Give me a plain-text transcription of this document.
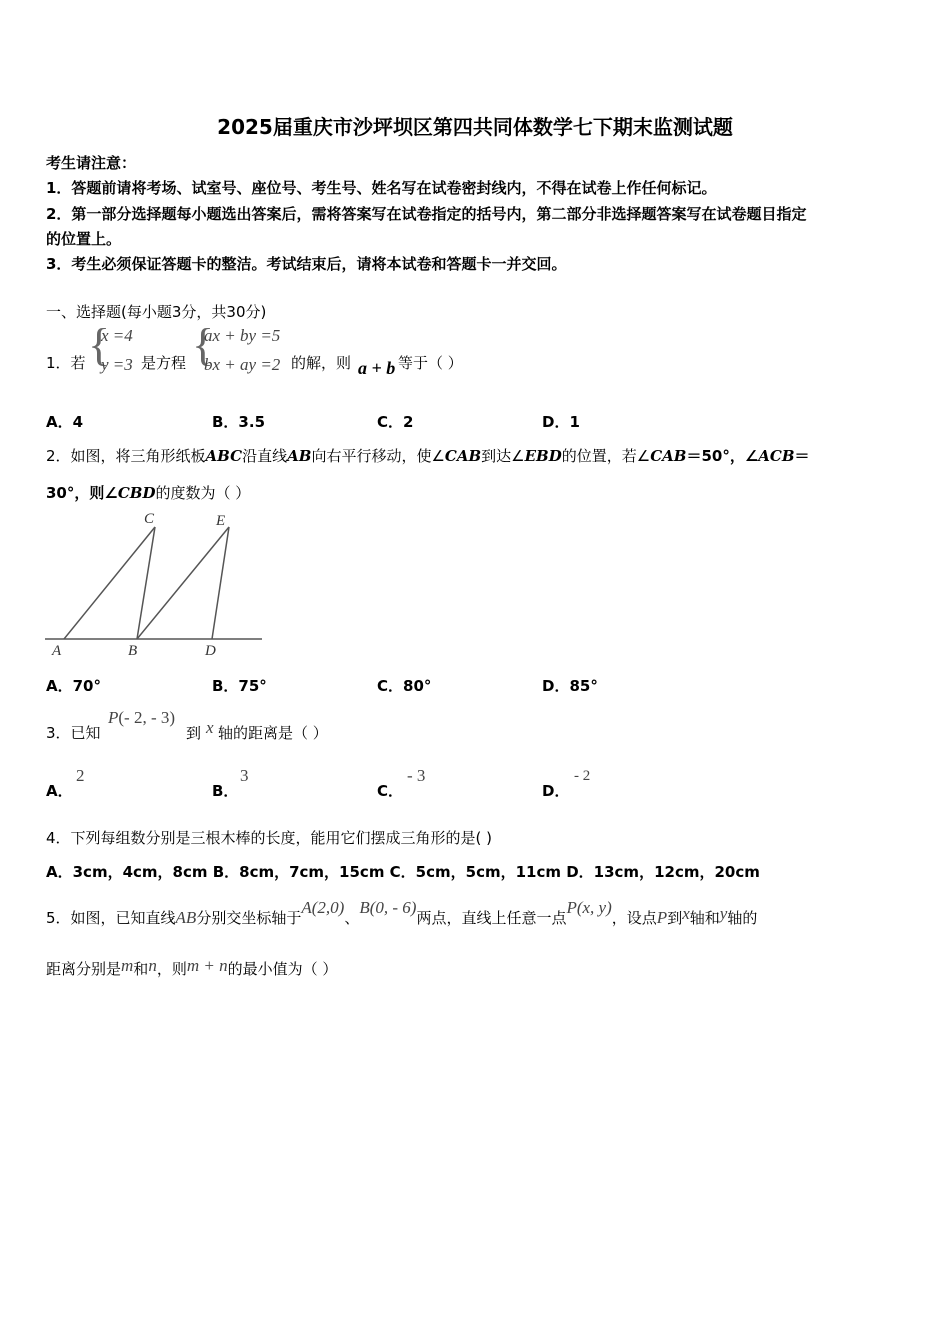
2025届重庆市沙坪坝区第四共同体数学七下期末监测试题
考生请注意：
1．答题前请将考场、试室号、座位号、考生号、姓名写在试卷密封线内，不得在试卷上作任何标记。
2．第一部分选择题每小题选出答案后，需将答案写在试卷指定的括号内，第二部分非选择题答案写在试卷题目指定
的位置上。
3．考生必须保证答题卡的整洁。考试结束后，请将本试卷和答题卡一并交回。
一、选择题(每小题3分，共30分)
1．若 {
x =4
y =3 是方程 {
ax + by =5
bx + ay =2 的解，则 a + b 等于（ ）
A．4	B．3.5	C．2	D．1
2．如图，将三角形纸板ABC沿直线AB向右平行移动，使∠CAB到达∠EBD的位置，若∠CAB＝50°，∠ACB＝
30°，则∠CBD的度数为（ ）
C	E
A	B	D
A．70°	B．75°	C．80°	D．85°
3．已知
P(- 2, - 3)
到 x 轴的距离是（ ）
A．
2
B．
3
C．
- 3
D．
- 2
4．下列每组数分别是三根木棒的长度，能用它们摆成三角形的是( )
A．3cm，4cm，8cm B．8cm，7cm，15cm C．5cm，5cm，11cm D．13cm，12cm，20cm
5．如图，已知直线AB分别交坐标轴于A(2,0)、B(0, - 6)两点，直线上任意一点P(x, y)，设点P到x轴和y轴的
距离分别是m和n，则m + n的最小值为（ ）
